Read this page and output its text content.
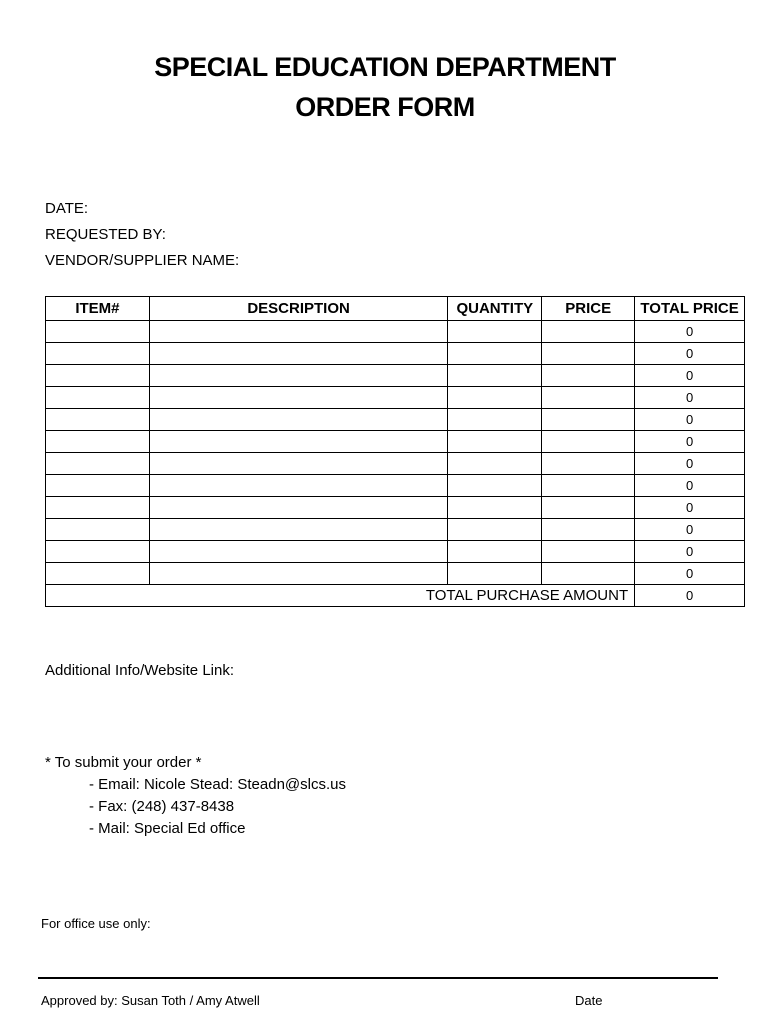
SPECIAL EDUCATION DEPARTMENT
ORDER FORM
DATE:
REQUESTED BY:
VENDOR/SUPPLIER NAME:
ITEM#	DESCRIPTION	QUANTITY	PRICE	TOTAL PRICE
				0
				0
				0
				0
				0
				0
				0
				0
				0
				0
				0
				0
TOTAL PURCHASE AMOUNT				0
Additional Info/Website Link:
* To submit your order *
- Email: Nicole Stead: Steadn@slcs.us
- Fax: (248) 437-8438
- Mail: Special Ed office
For office use only:
Approved by: Susan Toth / Amy Atwell	Date
